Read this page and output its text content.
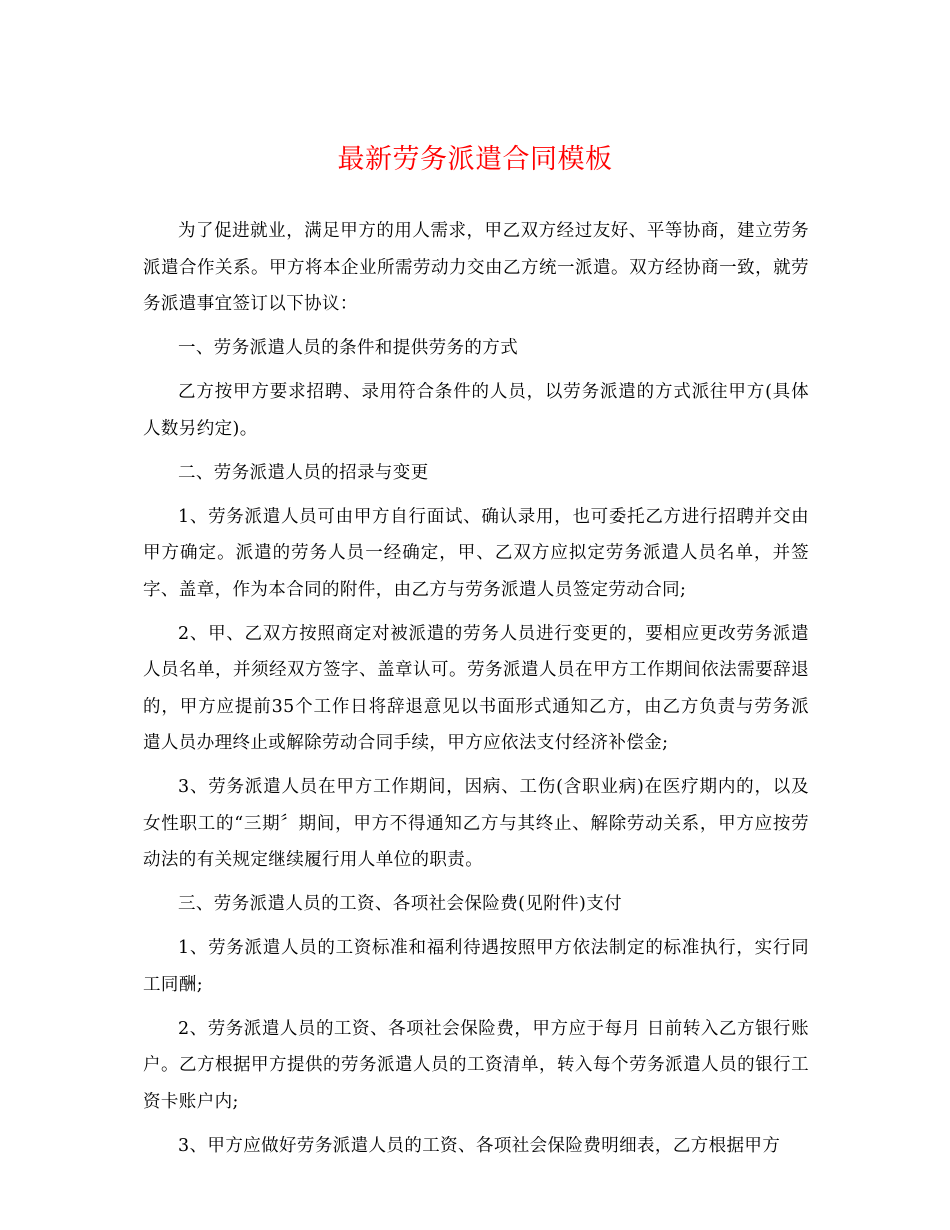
最新劳务派遣合同模板

为了促进就业，满足甲方的用人需求，甲乙双方经过友好、平等协商，建立劳务派遣合作关系。甲方将本企业所需劳动力交由乙方统一派遣。双方经协商一致，就劳务派遣事宜签订以下协议：

一、劳务派遣人员的条件和提供劳务的方式

乙方按甲方要求招聘、录用符合条件的人员，以劳务派遣的方式派往甲方(具体人数另约定)。

二、劳务派遣人员的招录与变更

1、劳务派遣人员可由甲方自行面试、确认录用，也可委托乙方进行招聘并交由甲方确定。派遣的劳务人员一经确定，甲、乙双方应拟定劳务派遣人员名单，并签字、盖章，作为本合同的附件，由乙方与劳务派遣人员签定劳动合同;

2、甲、乙双方按照商定对被派遣的劳务人员进行变更的，要相应更改劳务派遣人员名单，并须经双方签字、盖章认可。劳务派遣人员在甲方工作期间依法需要辞退的，甲方应提前35个工作日将辞退意见以书面形式通知乙方，由乙方负责与劳务派遣人员办理终止或解除劳动合同手续，甲方应依法支付经济补偿金;

3、劳务派遣人员在甲方工作期间，因病、工伤(含职业病)在医疗期内的，以及女性职工的“三期〞期间，甲方不得通知乙方与其终止、解除劳动关系，甲方应按劳动法的有关规定继续履行用人单位的职责。

三、劳务派遣人员的工资、各项社会保险费(见附件)支付

1、劳务派遣人员的工资标准和福利待遇按照甲方依法制定的标准执行，实行同工同酬;

2、劳务派遣人员的工资、各项社会保险费，甲方应于每月 日前转入乙方银行账户。乙方根据甲方提供的劳务派遣人员的工资清单，转入每个劳务派遣人员的银行工资卡账户内;

3、甲方应做好劳务派遣人员的工资、各项社会保险费明细表，乙方根据甲方
